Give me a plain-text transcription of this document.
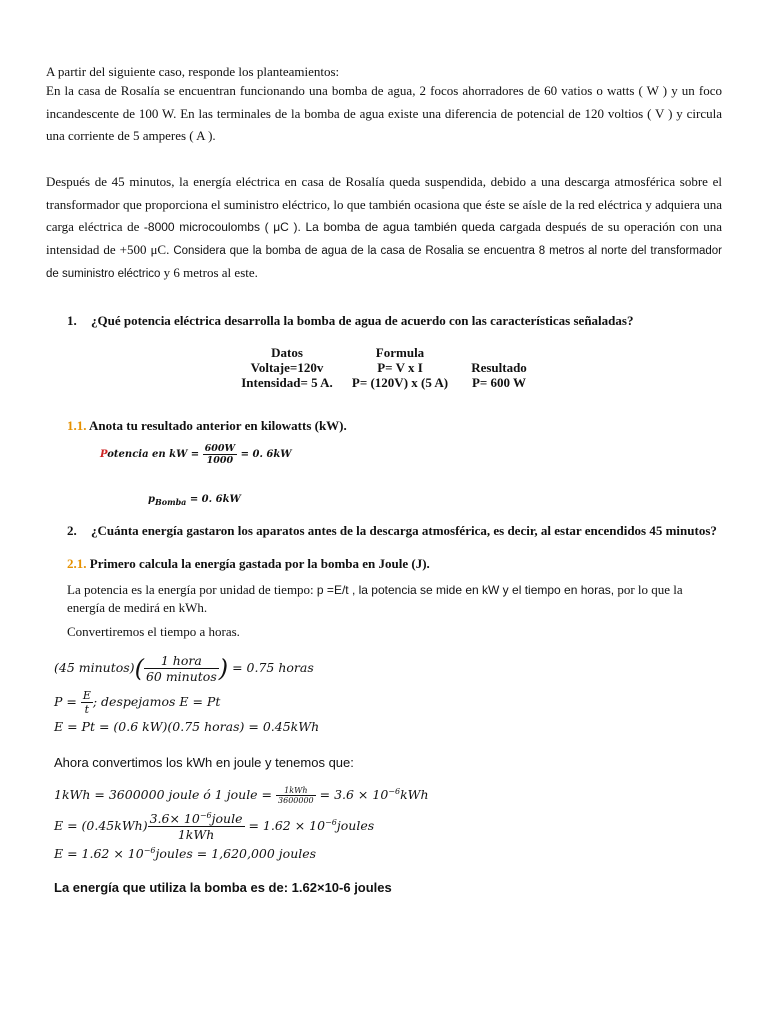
A partir del siguiente caso, responde los planteamientos:
En la casa de Rosalía se encuentran funcionando una bomba de agua, 2 focos ahorradores de 60 vatios o watts ( W ) y un foco incandescente de 100 W. En las terminales de la bomba de agua existe una diferencia de potencial de 120 voltios ( V ) y circula una corriente de 5 amperes ( A ).
Después de 45 minutos, la energía eléctrica en casa de Rosalía queda suspendida, debido a una descarga atmosférica sobre el transformador que proporciona el suministro eléctrico, lo que también ocasiona que éste se aísle de la red eléctrica y adquiera una carga eléctrica de -8000 microcoulombs ( μC ). La bomba de agua también queda cargada después de su operación con una intensidad de +500 μC. Considera que la bomba de agua de la casa de Rosalia se encuentra 8 metros al norte del transformador de suministro eléctrico y 6 metros al este.
1. ¿Qué potencia eléctrica desarrolla la bomba de agua de acuerdo con las características señaladas?
Datos
Voltaje=120v
Intensidad= 5 A.
Formula
P= V x I
P= (120V) x (5 A)
Resultado
P= 600 W
1.1. Anota tu resultado anterior en kilowatts (kW).
Potencia en kW = $\frac{600W}{1000} = 0$. 6kW
$p_{Bomba} = 0$. 6kW
2. ¿Cuánta energía gastaron los aparatos antes de la descarga atmosférica, es decir, al estar encendidos 45 minutos?
2.1. Primero calcula la energía gastada por la bomba en Joule (J).
La potencia es la energía por unidad de tiempo: p =E/t , la potencia se mide en kW y el tiempo en horas, por lo que la energía de medirá en kWh.
Convertiremos el tiempo a horas.
(45 minutos)( $\frac{\text{1 hora}}{\text{60 minutos}}$ ) = 0.75 horas
$P = \frac{E}{t}$ ; despejamos E = Pt
E = Pt = (0.6 kW)(0.75 horas) = 0.45kWh
Ahora convertimos los kWh en joule y tenemos que:
1kWh = 3600000 joule ó 1 joule = $\frac{\text{1kWh}}{3600000} = 3.6 \times 10^{-6}kWh$
$E = (0.45kWh) \frac{3.6\times 10^{-6}joule}{\text{1kWh}} = 1.62$ × $10^{-6}joules$
$E = 1.62 \times 10^{-6}joules = 1,620,000$ joules
La energía que utiliza la bomba es de: 1.62×10-6 joules
